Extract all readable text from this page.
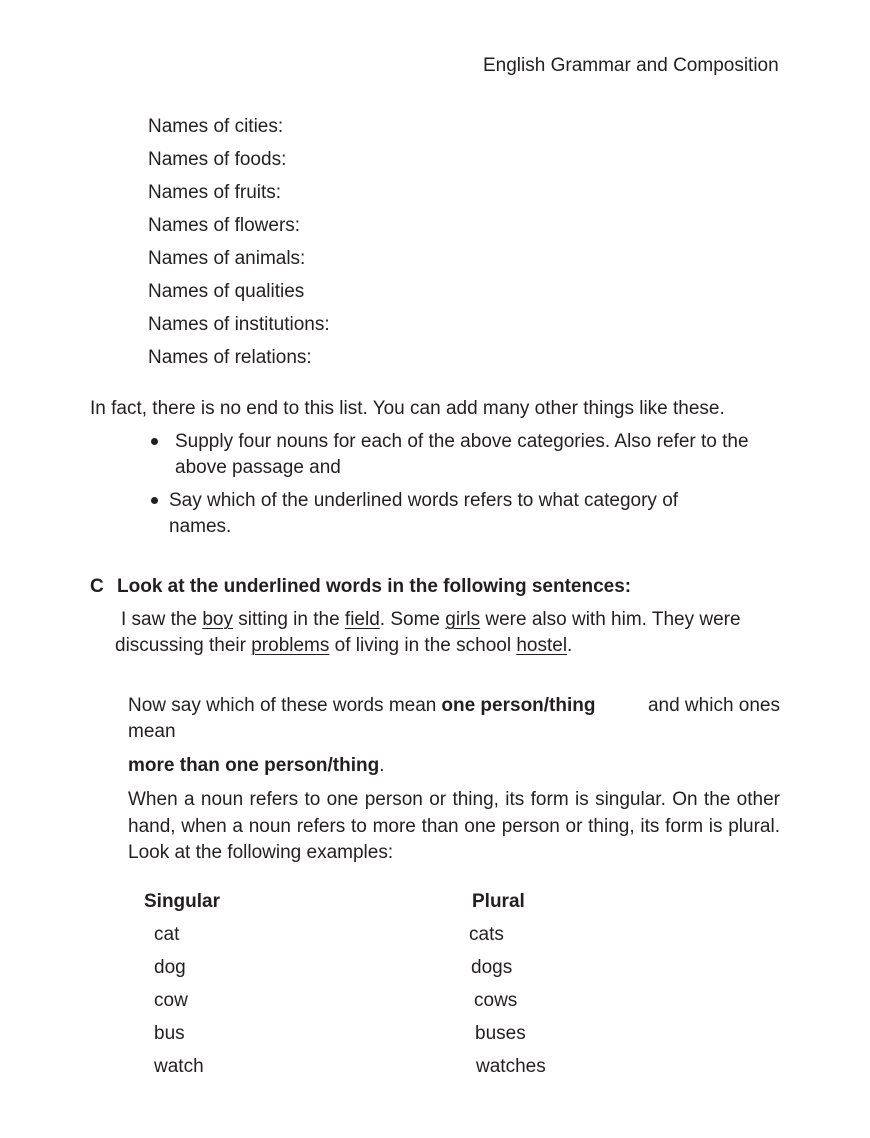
English Grammar and Composition
Names of cities:
Names of foods:
Names of fruits:
Names of flowers:
Names of animals:
Names of qualities
Names of institutions:
Names of relations:
In fact, there is no end to this list. You can add many other things like these.
Supply four nouns for each of the above categories. Also refer to the
above passage and
Say which of the underlined words refers to what category of
names.
C Look at the underlined words in the following sentences:
I saw the boy sitting in the field. Some girls were also with him. They were
discussing their problems of living in the school hostel.
Now say which of these words mean one person/thing	and which ones
mean
more than one person/thing.
When a noun refers to one person or thing, its form is singular. On the other hand, when a noun refers to more than one person or thing, its form is plural. Look at the following examples:
Singular	Plural
cat	cats
dog	dogs
cow	cows
bus	buses
watch	watches
